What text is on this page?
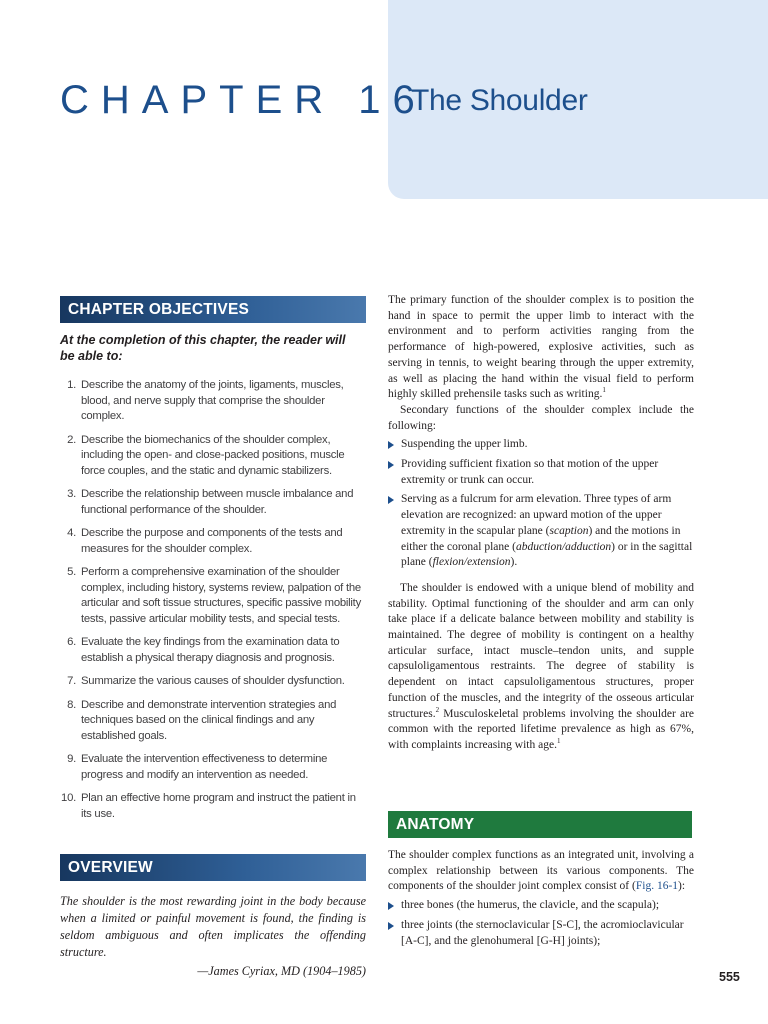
CHAPTER 16
The Shoulder
CHAPTER OBJECTIVES
At the completion of this chapter, the reader will be able to:
1. Describe the anatomy of the joints, ligaments, muscles, blood, and nerve supply that comprise the shoulder complex.
2. Describe the biomechanics of the shoulder complex, including the open- and close-packed positions, muscle force couples, and the static and dynamic stabilizers.
3. Describe the relationship between muscle imbalance and functional performance of the shoulder.
4. Describe the purpose and components of the tests and measures for the shoulder complex.
5. Perform a comprehensive examination of the shoulder complex, including history, systems review, palpation of the articular and soft tissue structures, specific passive mobility tests, passive articular mobility tests, and special tests.
6. Evaluate the key findings from the examination data to establish a physical therapy diagnosis and prognosis.
7. Summarize the various causes of shoulder dysfunction.
8. Describe and demonstrate intervention strategies and techniques based on the clinical findings and any established goals.
9. Evaluate the intervention effectiveness to determine progress and modify an intervention as needed.
10. Plan an effective home program and instruct the patient in its use.
OVERVIEW
The shoulder is the most rewarding joint in the body because when a limited or painful movement is found, the finding is seldom ambiguous and often implicates the offending structure.
—James Cyriax, MD (1904–1985)

The primary function of the shoulder complex is to position the hand in space to permit the upper limb to interact with the environment and to perform activities ranging from the performance of high-powered, explosive activities, such as serving in tennis, to weight bearing through the upper extremity, as well as placing the hand within the visual field to perform highly skilled prehensile tasks such as writing.$^1$

Secondary functions of the shoulder complex include the following:

Suspending the upper limb.
Providing sufficient fixation so that motion of the upper extremity or trunk can occur.
Serving as a fulcrum for arm elevation. Three types of arm elevation are recognized: an upward motion of the upper extremity in the scapular plane (scaption) and the motions in either the coronal plane (abduction/adduction) or in the sagittal plane (flexion/extension).

The shoulder is endowed with a unique blend of mobility and stability. Optimal functioning of the shoulder and arm can only take place if a delicate balance between mobility and stability is maintained. The degree of mobility is contingent on a healthy articular surface, intact muscle–tendon units, and supple capsuloligamentous restraints. The degree of stability is dependent on intact capsuloligamentous structures, proper function of the muscles, and the integrity of the osseous articular structures.$^2$ Musculoskeletal problems involving the shoulder are common with the reported lifetime prevalence as high as 67%, with complaints increasing with age.$^1$

ANATOMY

The shoulder complex functions as an integrated unit, involving a complex relationship between its various components. The components of the shoulder joint complex consist of (Fig. 16-1):

three bones (the humerus, the clavicle, and the scapula);
three joints (the sternoclavicular [S-C], the acromioclavicular [A-C], and the glenohumeral [G-H] joints);
555
